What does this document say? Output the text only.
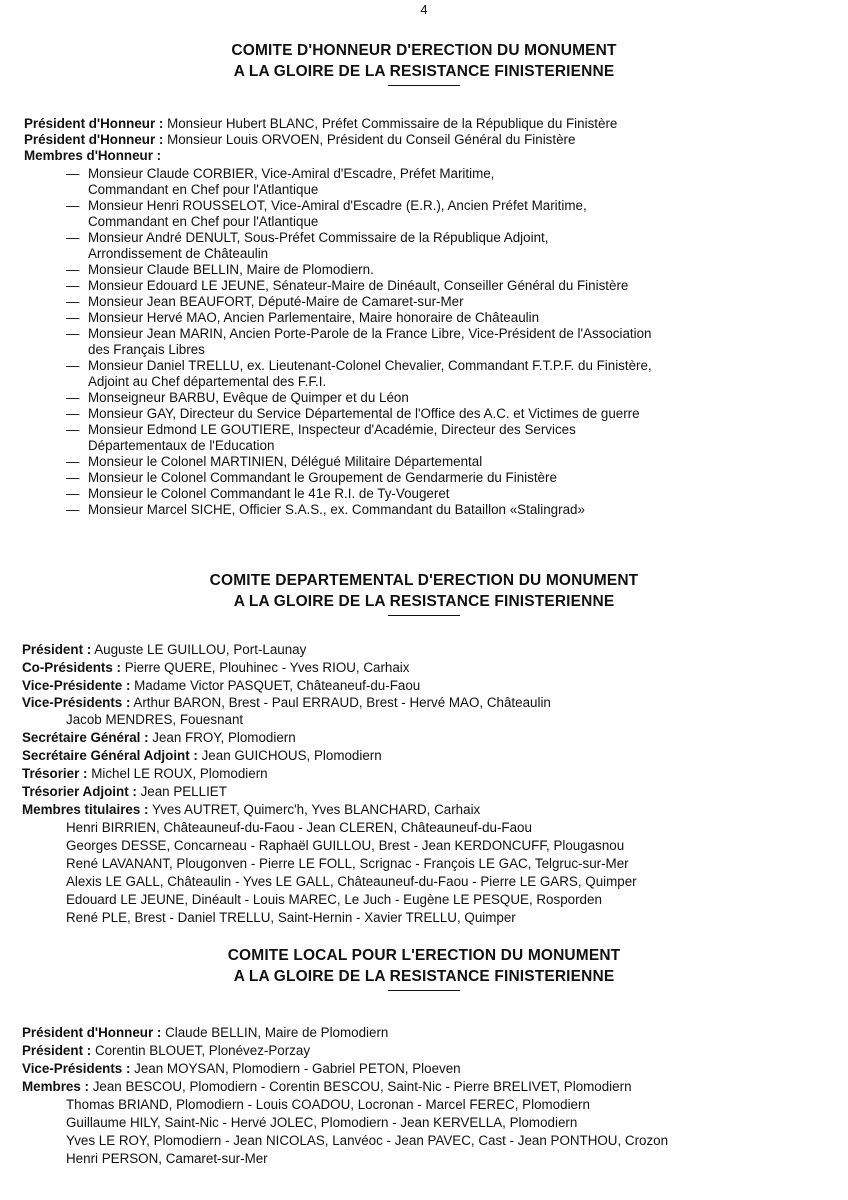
4
COMITE D'HONNEUR D'ERECTION DU MONUMENT
A LA GLOIRE DE LA RESISTANCE FINISTERIENNE
Président d'Honneur : Monsieur Hubert BLANC, Préfet Commissaire de la République du Finistère
Président d'Honneur : Monsieur Louis ORVOEN, Président du Conseil Général du Finistère
Membres d'Honneur :
— Monsieur Claude CORBIER, Vice-Amiral d'Escadre, Préfet Maritime,
Commandant en Chef pour l'Atlantique
— Monsieur Henri ROUSSELOT, Vice-Amiral d'Escadre (E.R.), Ancien Préfet Maritime,
Commandant en Chef pour l'Atlantique
— Monsieur André DENULT, Sous-Préfet Commissaire de la République Adjoint,
Arrondissement de Châteaulin
— Monsieur Claude BELLIN, Maire de Plomodiern.
— Monsieur Edouard LE JEUNE, Sénateur-Maire de Dinéault, Conseiller Général du Finistère
— Monsieur Jean BEAUFORT, Député-Maire de Camaret-sur-Mer
— Monsieur Hervé MAO, Ancien Parlementaire, Maire honoraire de Châteaulin
— Monsieur Jean MARIN, Ancien Porte-Parole de la France Libre, Vice-Président de l'Association
des Français Libres
— Monsieur Daniel TRELLU, ex. Lieutenant-Colonel Chevalier, Commandant F.T.P.F. du Finistère,
Adjoint au Chef départemental des F.F.I.
— Monseigneur BARBU, Evêque de Quimper et du Léon
— Monsieur GAY, Directeur du Service Départemental de l'Office des A.C. et Victimes de guerre
— Monsieur Edmond LE GOUTIERE, Inspecteur d'Académie, Directeur des Services
Départementaux de l'Education
— Monsieur le Colonel MARTINIEN, Délégué Militaire Départemental
— Monsieur le Colonel Commandant le Groupement de Gendarmerie du Finistère
— Monsieur le Colonel Commandant le 41e R.I. de Ty-Vougeret
— Monsieur Marcel SICHE, Officier S.A.S., ex. Commandant du Bataillon «Stalingrad»
COMITE DEPARTEMENTAL D'ERECTION DU MONUMENT
A LA GLOIRE DE LA RESISTANCE FINISTERIENNE
Président : Auguste LE GUILLOU, Port-Launay
Co-Présidents : Pierre QUERE, Plouhinec - Yves RIOU, Carhaix
Vice-Présidente : Madame Victor PASQUET, Châteaneuf-du-Faou
Vice-Présidents : Arthur BARON, Brest - Paul ERRAUD, Brest - Hervé MAO, Châteaulin
Jacob MENDRES, Fouesnant
Secrétaire Général : Jean FROY, Plomodiern
Secrétaire Général Adjoint : Jean GUICHOUS, Plomodiern
Trésorier : Michel LE ROUX, Plomodiern
Trésorier Adjoint : Jean PELLIET
Membres titulaires : Yves AUTRET, Quimerc'h, Yves BLANCHARD, Carhaix
Henri BIRRIEN, Châteauneuf-du-Faou - Jean CLEREN, Châteauneuf-du-Faou
Georges DESSE, Concarneau - Raphaël GUILLOU, Brest - Jean KERDONCUFF, Plougasnou
René LAVANANT, Plougonven - Pierre LE FOLL, Scrignac - François LE GAC, Telgruc-sur-Mer
Alexis LE GALL, Châteaulin - Yves LE GALL, Châteauneuf-du-Faou - Pierre LE GARS, Quimper
Edouard LE JEUNE, Dinéault - Louis MAREC, Le Juch - Eugène LE PESQUE, Rosporden
René PLE, Brest - Daniel TRELLU, Saint-Hernin - Xavier TRELLU, Quimper
COMITE LOCAL POUR L'ERECTION DU MONUMENT
A LA GLOIRE DE LA RESISTANCE FINISTERIENNE
Président d'Honneur : Claude BELLIN, Maire de Plomodiern
Président : Corentin BLOUET, Plonévez-Porzay
Vice-Présidents : Jean MOYSAN, Plomodiern - Gabriel PETON, Ploeven
Membres : Jean BESCOU, Plomodiern - Corentin BESCOU, Saint-Nic - Pierre BRELIVET, Plomodiern
Thomas BRIAND, Plomodiern - Louis COADOU, Locronan - Marcel FEREC, Plomodiern
Guillaume HILY, Saint-Nic - Hervé JOLEC, Plomodiern - Jean KERVELLA, Plomodiern
Yves LE ROY, Plomodiern - Jean NICOLAS, Lanvéoc - Jean PAVEC, Cast - Jean PONTHOU, Crozon
Henri PERSON, Camaret-sur-Mer
